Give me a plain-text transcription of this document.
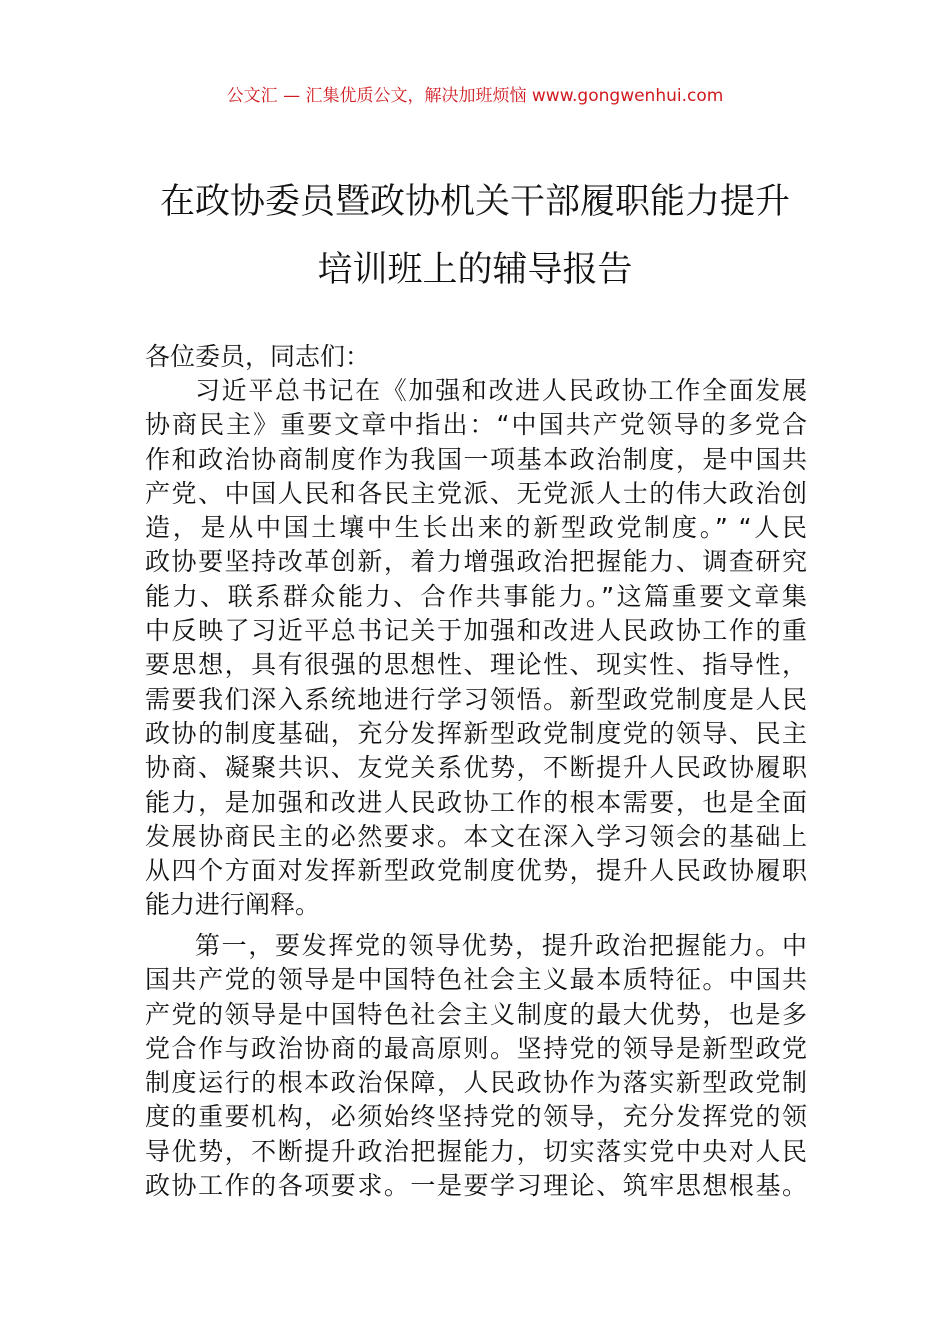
公文汇 — 汇集优质公文，解决加班烦恼 www.gongwenhui.com
在政协委员暨政协机关干部履职能力提升
培训班上的辅导报告
各位委员，同志们：
习近平总书记在《加强和改进人民政协工作全面发展
协商民主》重要文章中指出：“中国共产党领导的多党合
作和政治协商制度作为我国一项基本政治制度，是中国共
产党、中国人民和各民主党派、无党派人士的伟大政治创
造，是从中国土壤中生长出来的新型政党制度。” “人民
政协要坚持改革创新，着力增强政治把握能力、调查研究
能力、联系群众能力、合作共事能力。”这篇重要文章集
中反映了习近平总书记关于加强和改进人民政协工作的重
要思想，具有很强的思想性、理论性、现实性、指导性，
需要我们深入系统地进行学习领悟。新型政党制度是人民
政协的制度基础，充分发挥新型政党制度党的领导、民主
协商、凝聚共识、友党关系优势，不断提升人民政协履职
能力，是加强和改进人民政协工作的根本需要，也是全面
发展协商民主的必然要求。本文在深入学习领会的基础上
从四个方面对发挥新型政党制度优势，提升人民政协履职
能力进行阐释。
第一，要发挥党的领导优势，提升政治把握能力。中
国共产党的领导是中国特色社会主义最本质特征。中国共
产党的领导是中国特色社会主义制度的最大优势，也是多
党合作与政治协商的最高原则。坚持党的领导是新型政党
制度运行的根本政治保障，人民政协作为落实新型政党制
度的重要机构，必须始终坚持党的领导，充分发挥党的领
导优势，不断提升政治把握能力，切实落实党中央对人民
政协工作的各项要求。一是要学习理论、筑牢思想根基。
